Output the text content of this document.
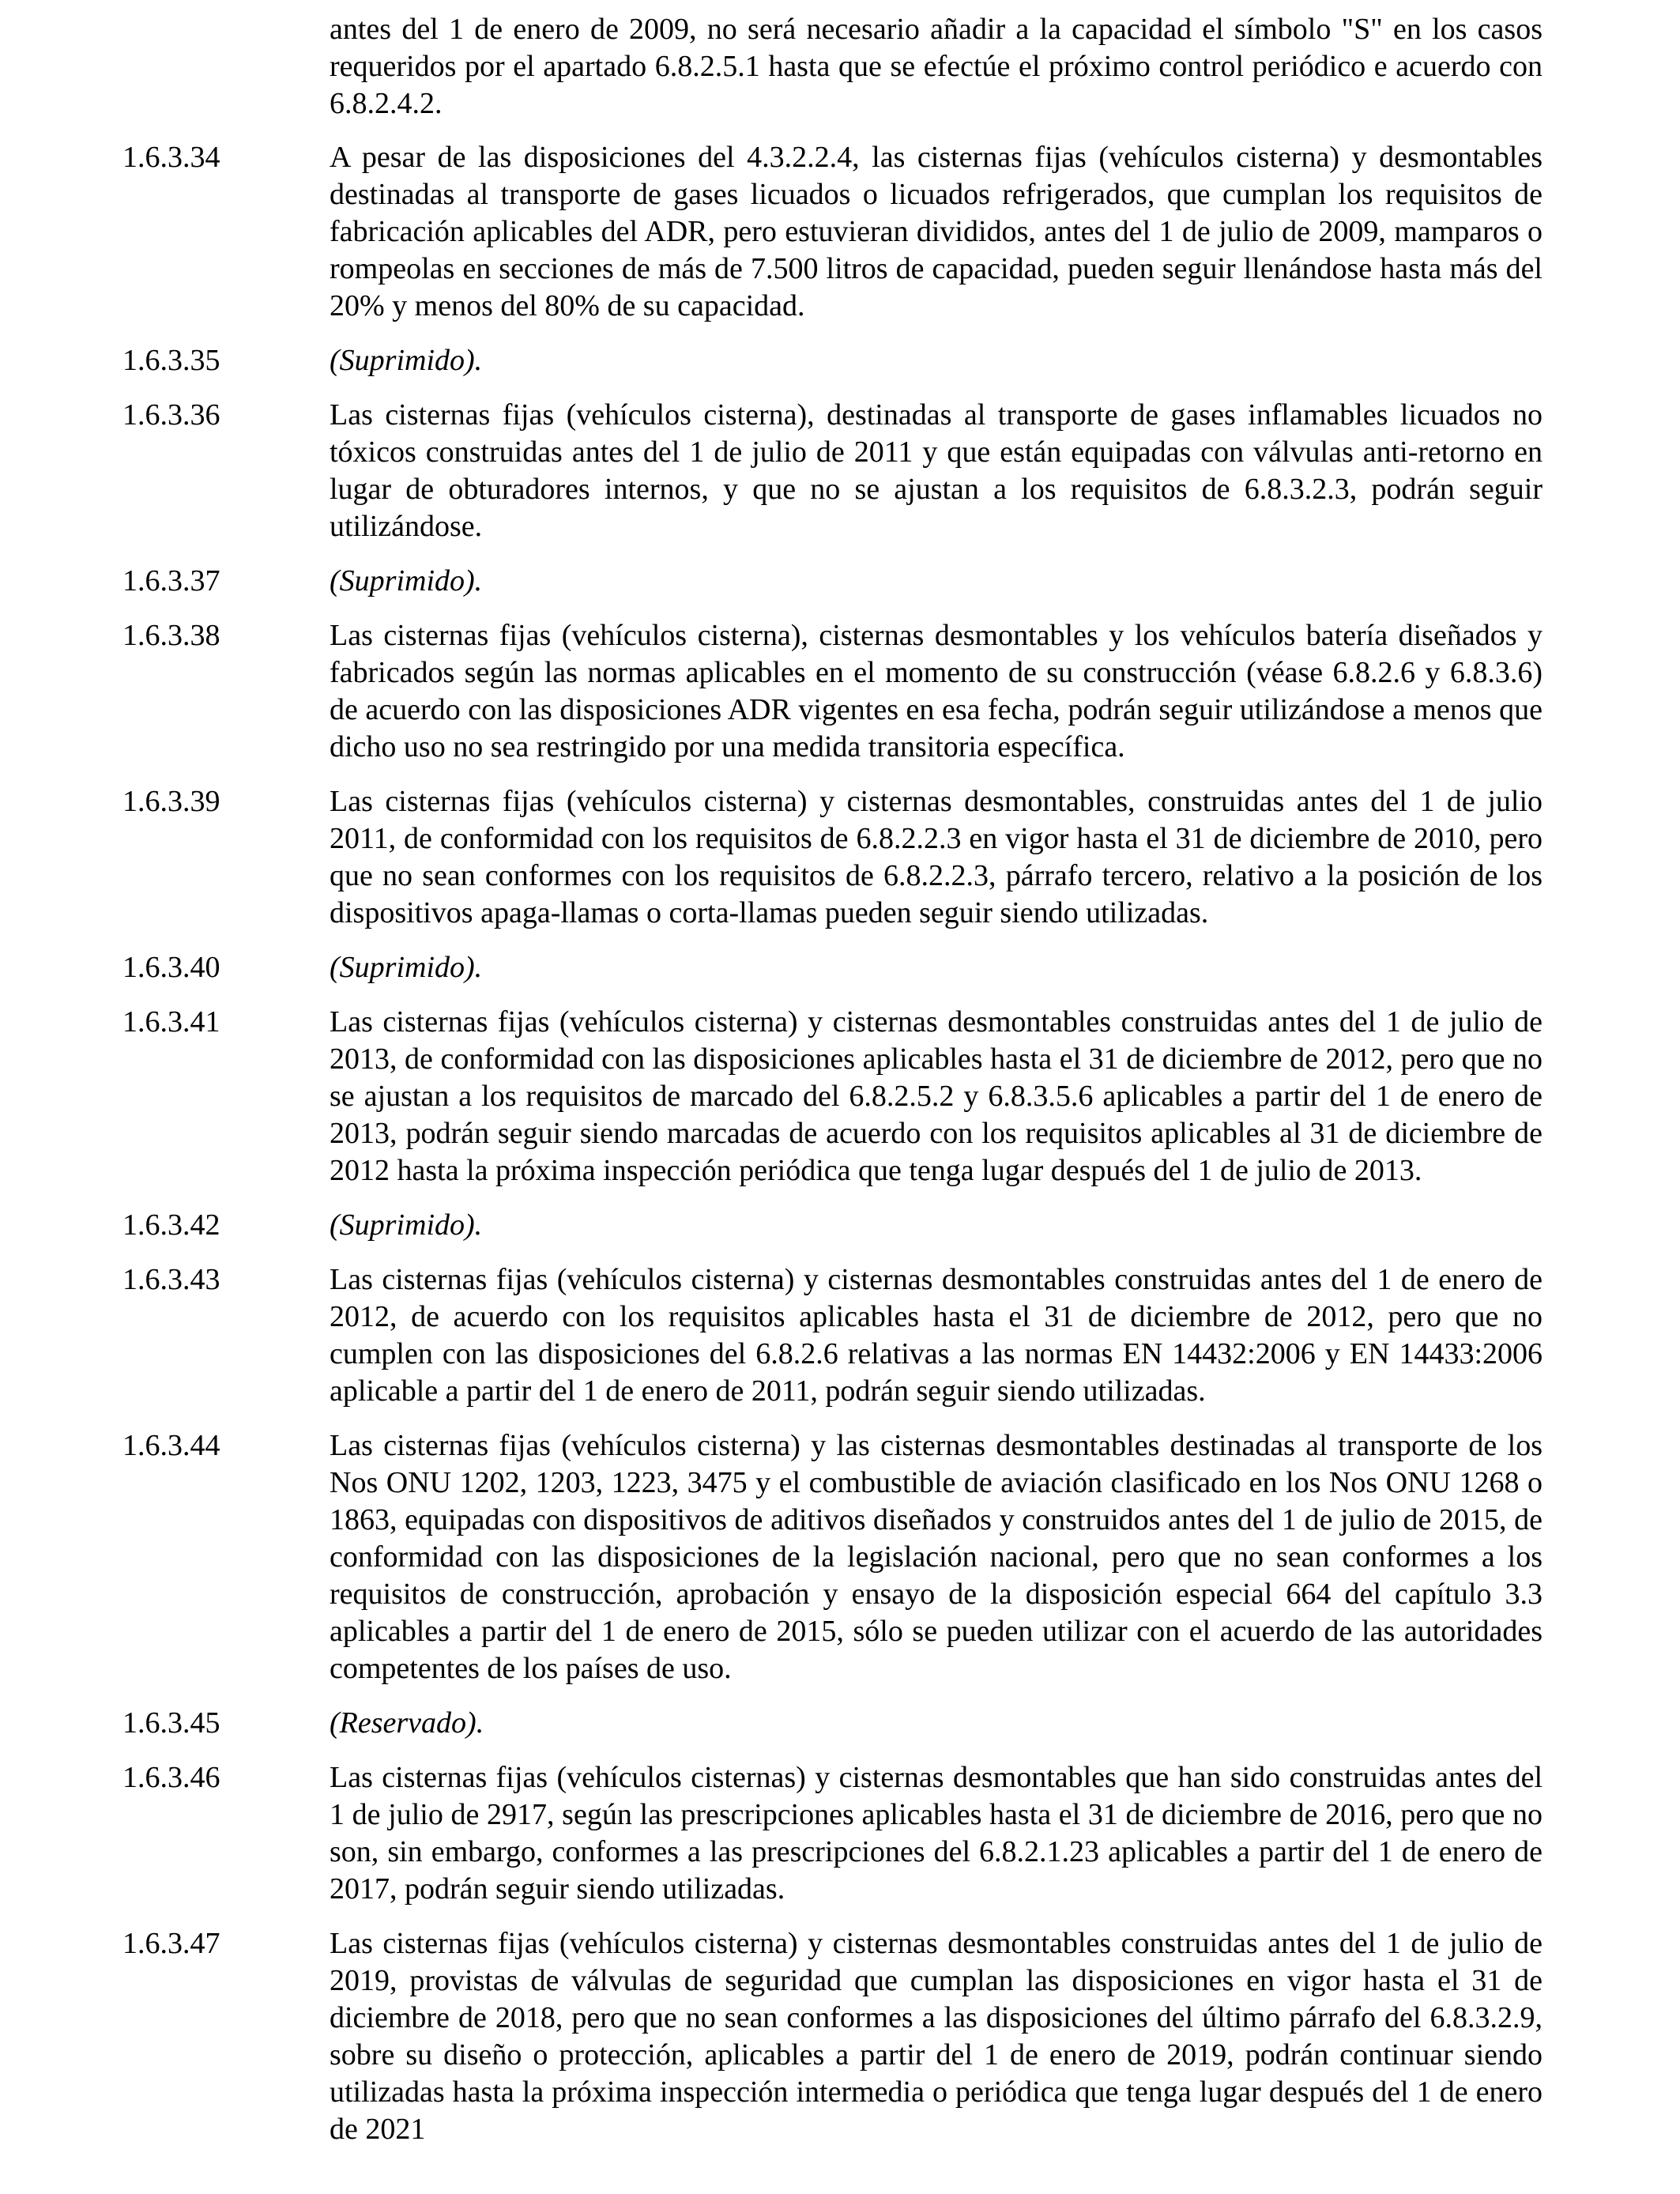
antes del 1 de enero de 2009, no será necesario añadir a la capacidad el símbolo "S" en los casos requeridos por el apartado 6.8.2.5.1 hasta que se efectúe el próximo control periódico e acuerdo con 6.8.2.4.2.

1.6.3.34	A pesar de las disposiciones del 4.3.2.2.4, las cisternas fijas (vehículos cisterna) y desmontables destinadas al transporte de gases licuados o licuados refrigerados, que cumplan los requisitos de fabricación aplicables del ADR, pero estuvieran divididos, antes del 1 de julio de 2009, mamparos o rompeolas en secciones de más de 7.500 litros de capacidad, pueden seguir llenándose hasta más del 20% y menos del 80% de su capacidad.

1.6.3.35	(Suprimido).

1.6.3.36	Las cisternas fijas (vehículos cisterna), destinadas al transporte de gases inflamables licuados no tóxicos construidas antes del 1 de julio de 2011 y que están equipadas con válvulas anti-retorno en lugar de obturadores internos, y que no se ajustan a los requisitos de 6.8.3.2.3, podrán seguir utilizándose.

1.6.3.37	(Suprimido).

1.6.3.38	Las cisternas fijas (vehículos cisterna), cisternas desmontables y los vehículos batería diseñados y fabricados según las normas aplicables en el momento de su construcción (véase 6.8.2.6 y 6.8.3.6) de acuerdo con las disposiciones ADR vigentes en esa fecha, podrán seguir utilizándose a menos que dicho uso no sea restringido por una medida transitoria específica.

1.6.3.39	Las cisternas fijas (vehículos cisterna) y cisternas desmontables, construidas antes del 1 de julio 2011, de conformidad con los requisitos de 6.8.2.2.3 en vigor hasta el 31 de diciembre de 2010, pero que no sean conformes con los requisitos de 6.8.2.2.3, párrafo tercero, relativo a la posición de los dispositivos apaga-llamas o corta-llamas pueden seguir siendo utilizadas.

1.6.3.40	(Suprimido).

1.6.3.41	Las cisternas fijas (vehículos cisterna) y cisternas desmontables construidas antes del 1 de julio de 2013, de conformidad con las disposiciones aplicables hasta el 31 de diciembre de 2012, pero que no se ajustan a los requisitos de marcado del 6.8.2.5.2 y 6.8.3.5.6 aplicables a partir del 1 de enero de 2013, podrán seguir siendo marcadas de acuerdo con los requisitos aplicables al 31 de diciembre de 2012 hasta la próxima inspección periódica que tenga lugar después del 1 de julio de 2013.

1.6.3.42	(Suprimido).

1.6.3.43	Las cisternas fijas (vehículos cisterna) y cisternas desmontables construidas antes del 1 de enero de 2012, de acuerdo con los requisitos aplicables hasta el 31 de diciembre de 2012, pero que no cumplen con las disposiciones del 6.8.2.6 relativas a las normas EN 14432:2006 y EN 14433:2006 aplicable a partir del 1 de enero de 2011, podrán seguir siendo utilizadas.

1.6.3.44	Las cisternas fijas (vehículos cisterna) y las cisternas desmontables destinadas al transporte de los Nos ONU 1202, 1203, 1223, 3475 y el combustible de aviación clasificado en los Nos ONU 1268 o 1863, equipadas con dispositivos de aditivos diseñados y construidos antes del 1 de julio de 2015, de conformidad con las disposiciones de la legislación nacional, pero que no sean conformes a los requisitos de construcción, aprobación y ensayo de la disposición especial 664 del capítulo 3.3 aplicables a partir del 1 de enero de 2015, sólo se pueden utilizar con el acuerdo de las autoridades competentes de los países de uso.

1.6.3.45	(Reservado).

1.6.3.46	Las cisternas fijas (vehículos cisternas) y cisternas desmontables que han sido construidas antes del 1 de julio de 2917, según las prescripciones aplicables hasta el 31 de diciembre de 2016, pero que no son, sin embargo, conformes a las prescripciones del 6.8.2.1.23 aplicables a partir del 1 de enero de 2017, podrán seguir siendo utilizadas.

1.6.3.47	Las cisternas fijas (vehículos cisterna) y cisternas desmontables construidas antes del 1 de julio de 2019, provistas de válvulas de seguridad que cumplan las disposiciones en vigor hasta el 31 de diciembre de 2018, pero que no sean conformes a las disposiciones del último párrafo del 6.8.3.2.9, sobre su diseño o protección, aplicables a partir del 1 de enero de 2019, podrán continuar siendo utilizadas hasta la próxima inspección intermedia o periódica que tenga lugar después del 1 de enero de 2021
